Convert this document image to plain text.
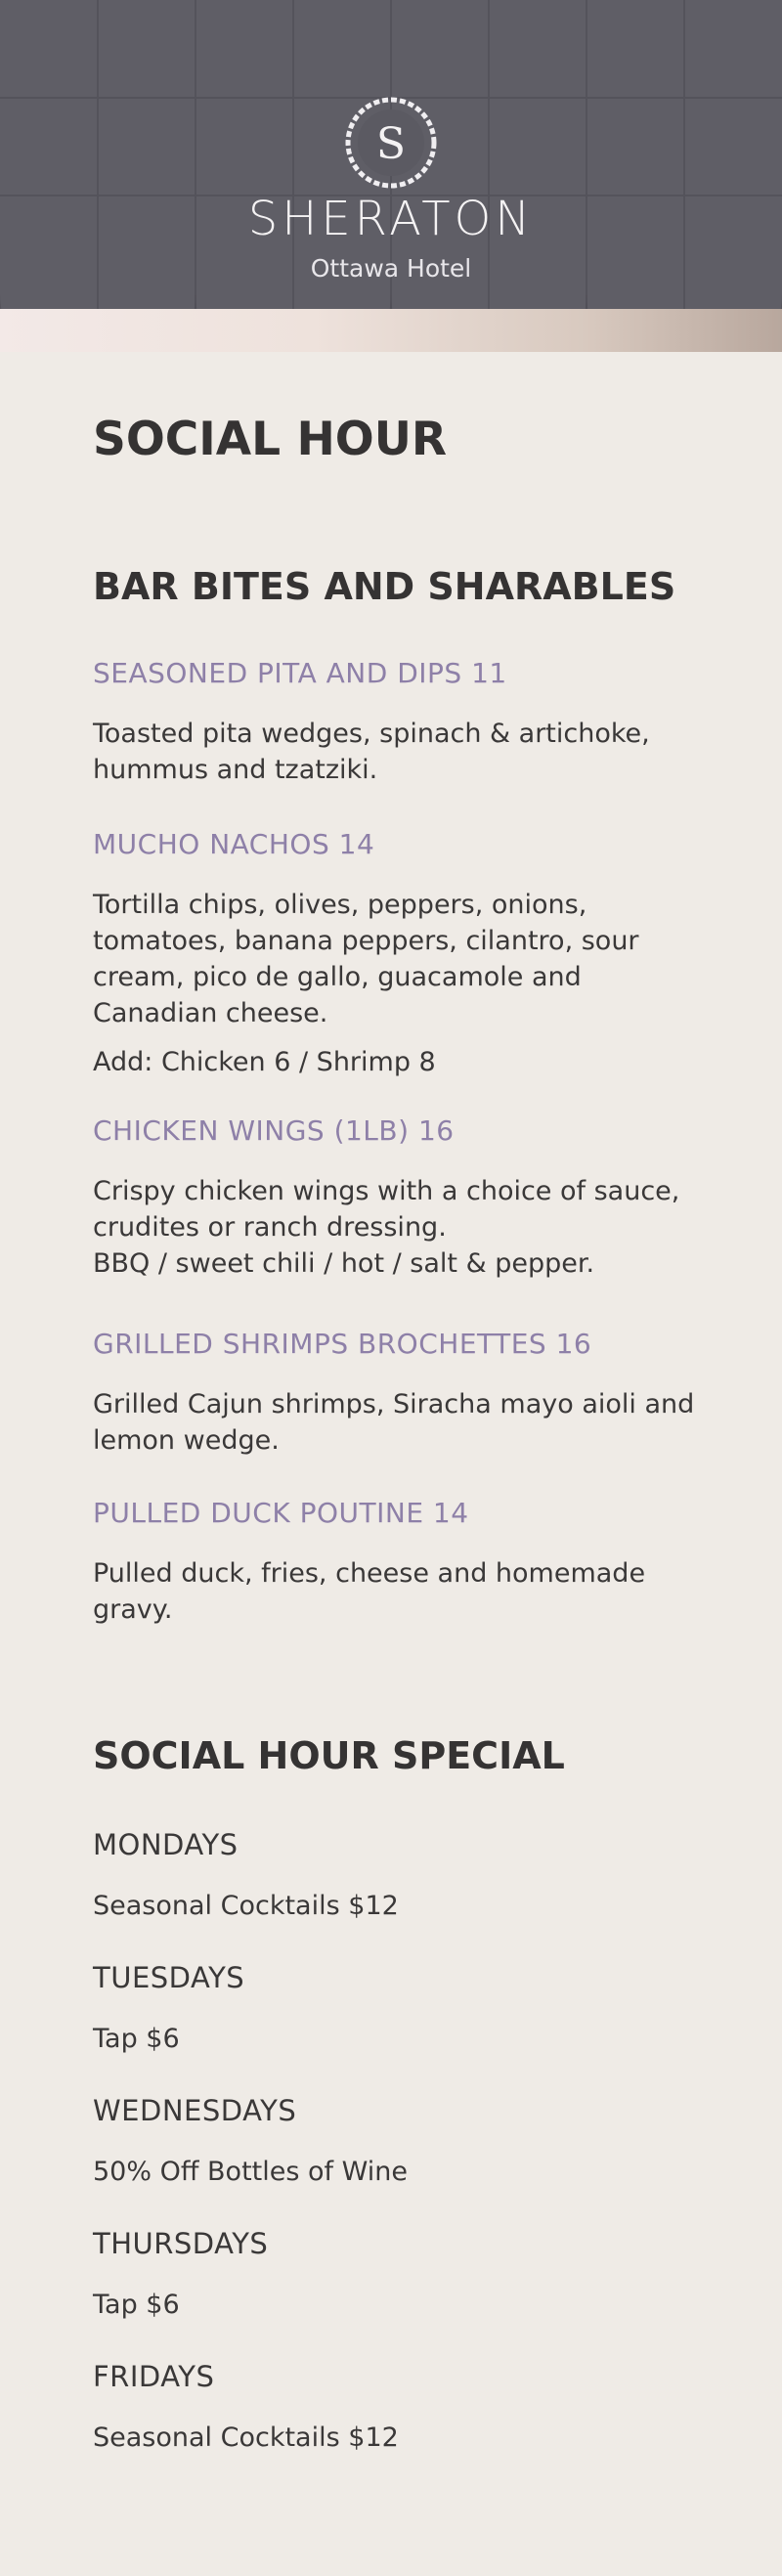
S
SHERATON
Ottawa Hotel
SOCIAL HOUR
BAR BITES AND SHARABLES
SEASONED PITA AND DIPS 11
Toasted pita wedges, spinach & artichoke,
hummus and tzatziki.
MUCHO NACHOS 14
Tortilla chips, olives, peppers, onions,
tomatoes, banana peppers, cilantro, sour
cream, pico de gallo, guacamole and
Canadian cheese.
Add: Chicken 6 / Shrimp 8
CHICKEN WINGS (1LB) 16
Crispy chicken wings with a choice of sauce,
crudites or ranch dressing.
BBQ / sweet chili / hot / salt & pepper.
GRILLED SHRIMPS BROCHETTES 16
Grilled Cajun shrimps, Siracha mayo aioli and
lemon wedge.
PULLED DUCK POUTINE 14
Pulled duck, fries, cheese and homemade
gravy.
SOCIAL HOUR SPECIAL
MONDAYS
Seasonal Cocktails $12
TUESDAYS
Tap $6
WEDNESDAYS
50% Off Bottles of Wine
THURSDAYS
Tap $6
FRIDAYS
Seasonal Cocktails $12
